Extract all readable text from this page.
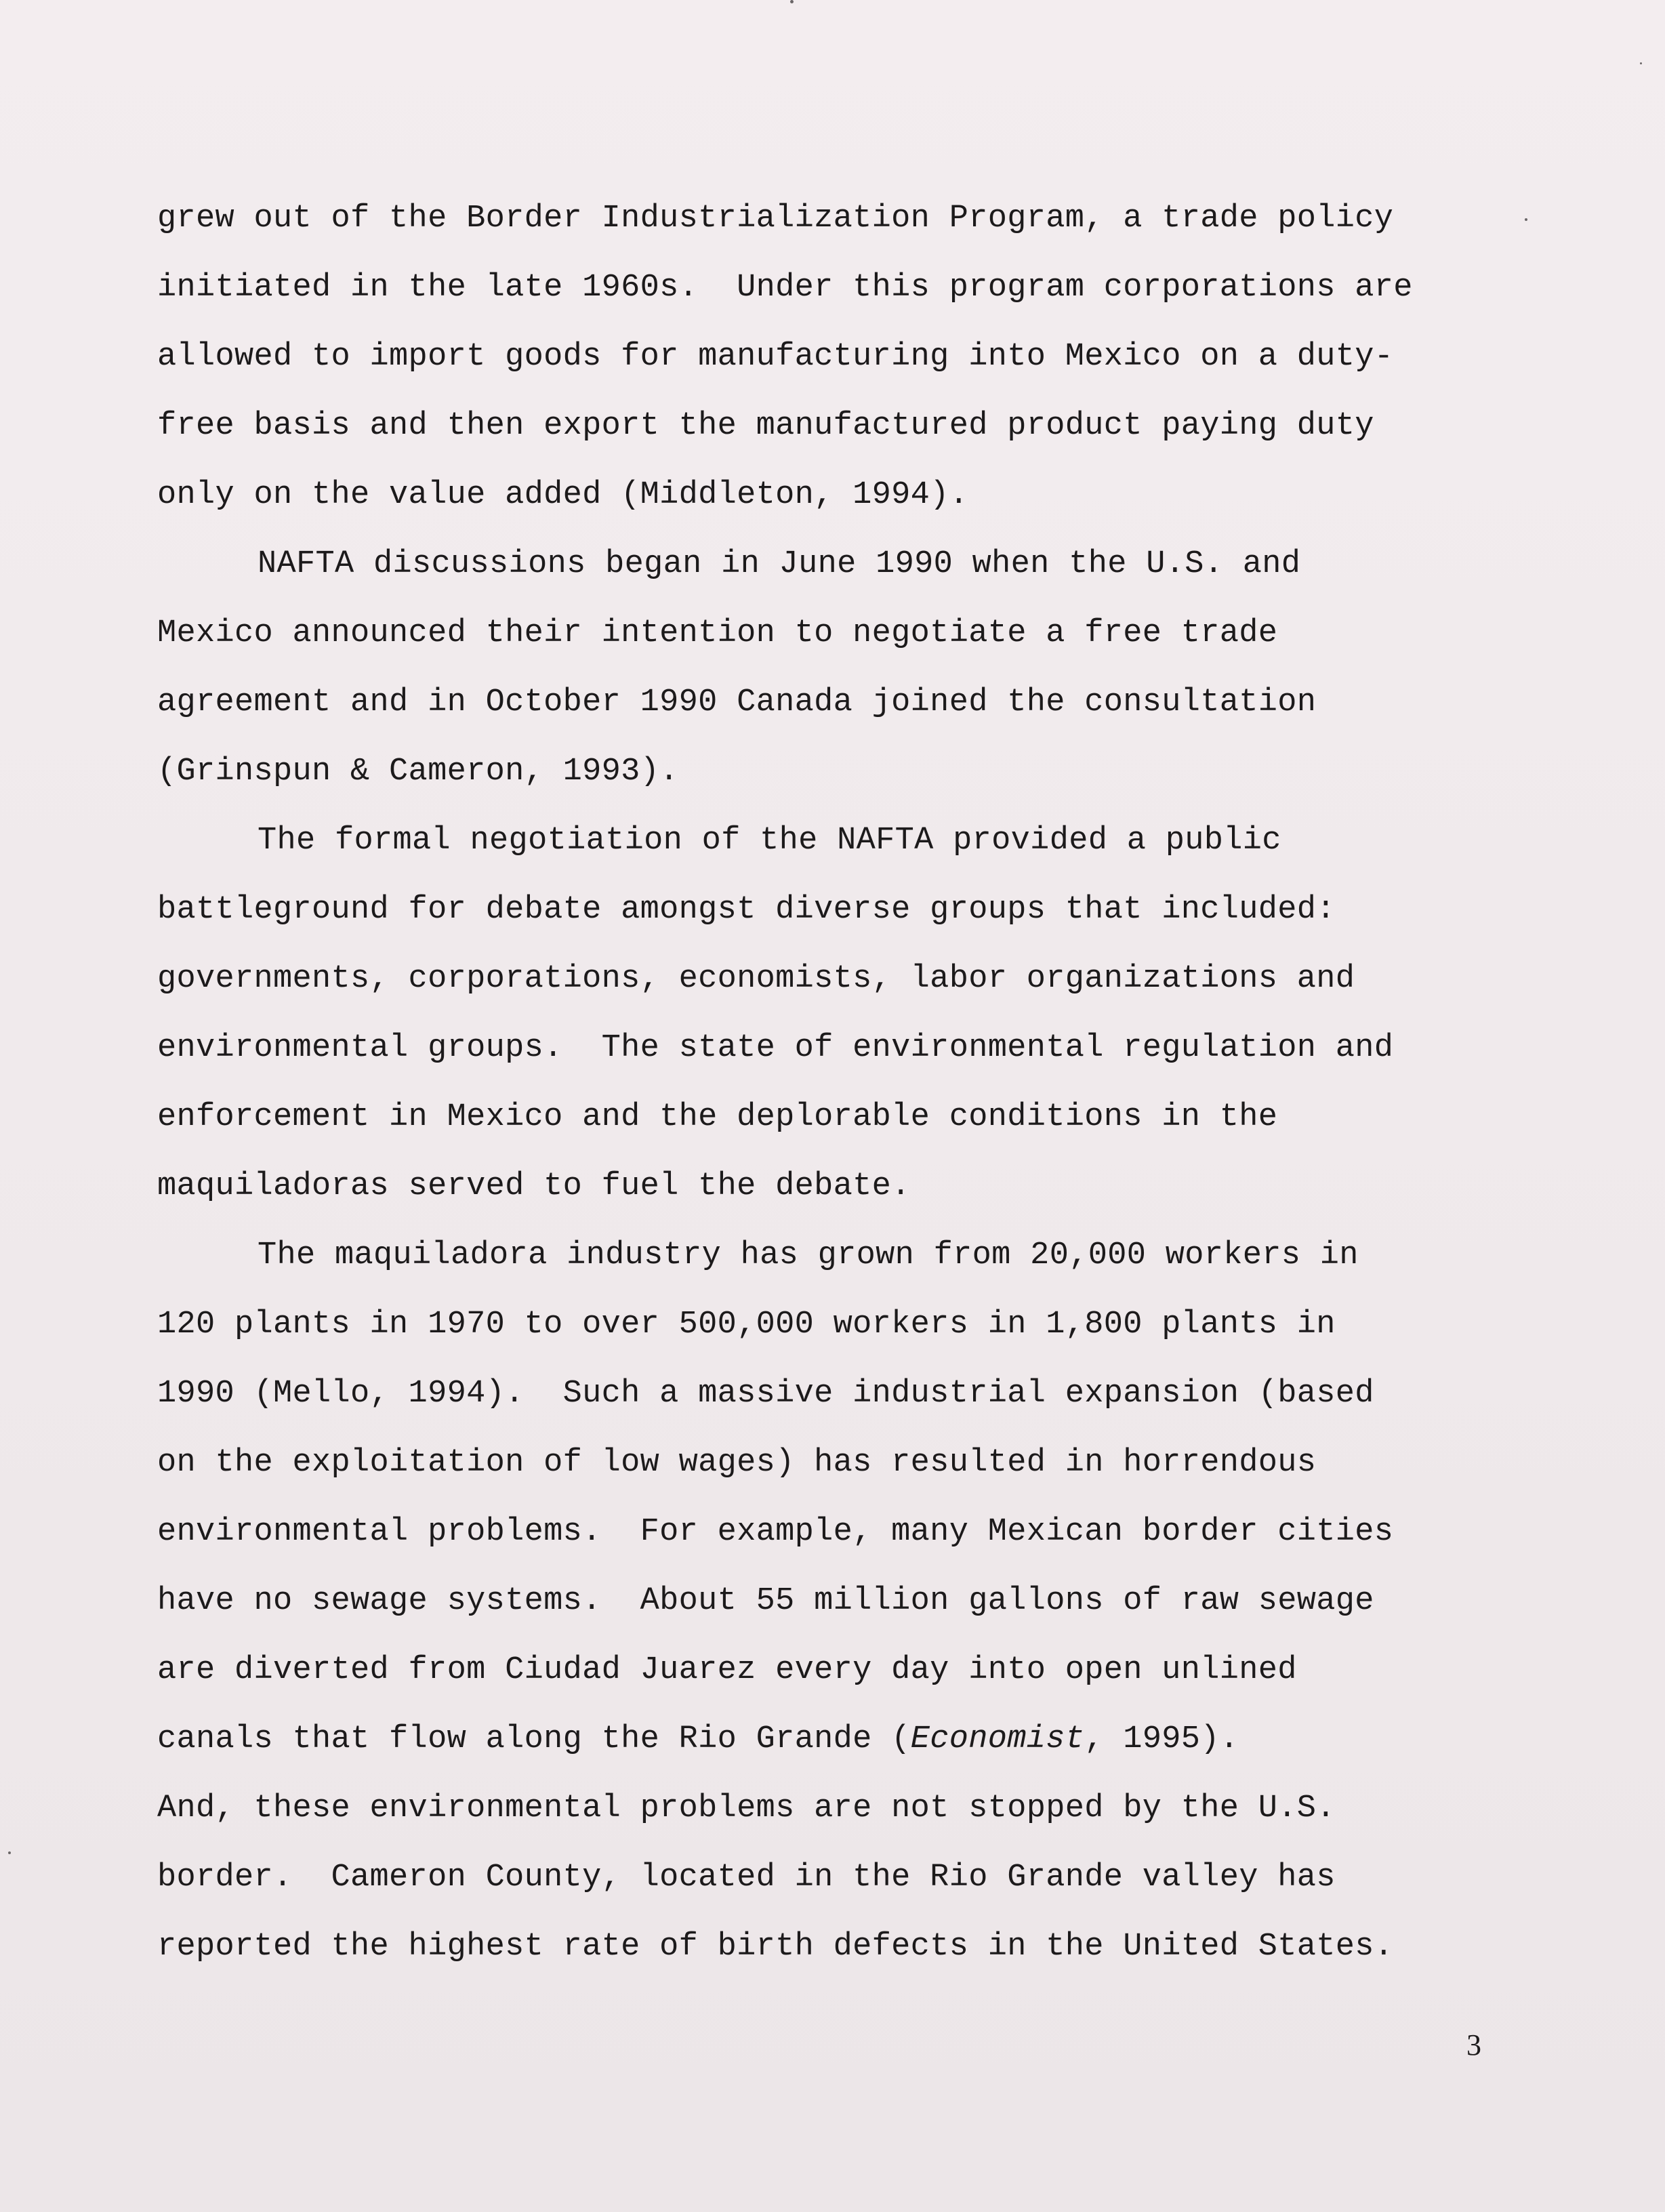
grew out of the Border Industrialization Program, a trade policy
initiated in the late 1960s.  Under this program corporations are
allowed to import goods for manufacturing into Mexico on a duty-
free basis and then export the manufactured product paying duty
only on the value added (Middleton, 1994).
NAFTA discussions began in June 1990 when the U.S. and
Mexico announced their intention to negotiate a free trade
agreement and in October 1990 Canada joined the consultation
(Grinspun & Cameron, 1993).
The formal negotiation of the NAFTA provided a public
battleground for debate amongst diverse groups that included:
governments, corporations, economists, labor organizations and
environmental groups.  The state of environmental regulation and
enforcement in Mexico and the deplorable conditions in the
maquiladoras served to fuel the debate.
The maquiladora industry has grown from 20,000 workers in
120 plants in 1970 to over 500,000 workers in 1,800 plants in
1990 (Mello, 1994).  Such a massive industrial expansion (based
on the exploitation of low wages) has resulted in horrendous
environmental problems.  For example, many Mexican border cities
have no sewage systems.  About 55 million gallons of raw sewage
are diverted from Ciudad Juarez every day into open unlined
canals that flow along the Rio Grande (Economist, 1995).
And, these environmental problems are not stopped by the U.S.
border.  Cameron County, located in the Rio Grande valley has
reported the highest rate of birth defects in the United States.
3
